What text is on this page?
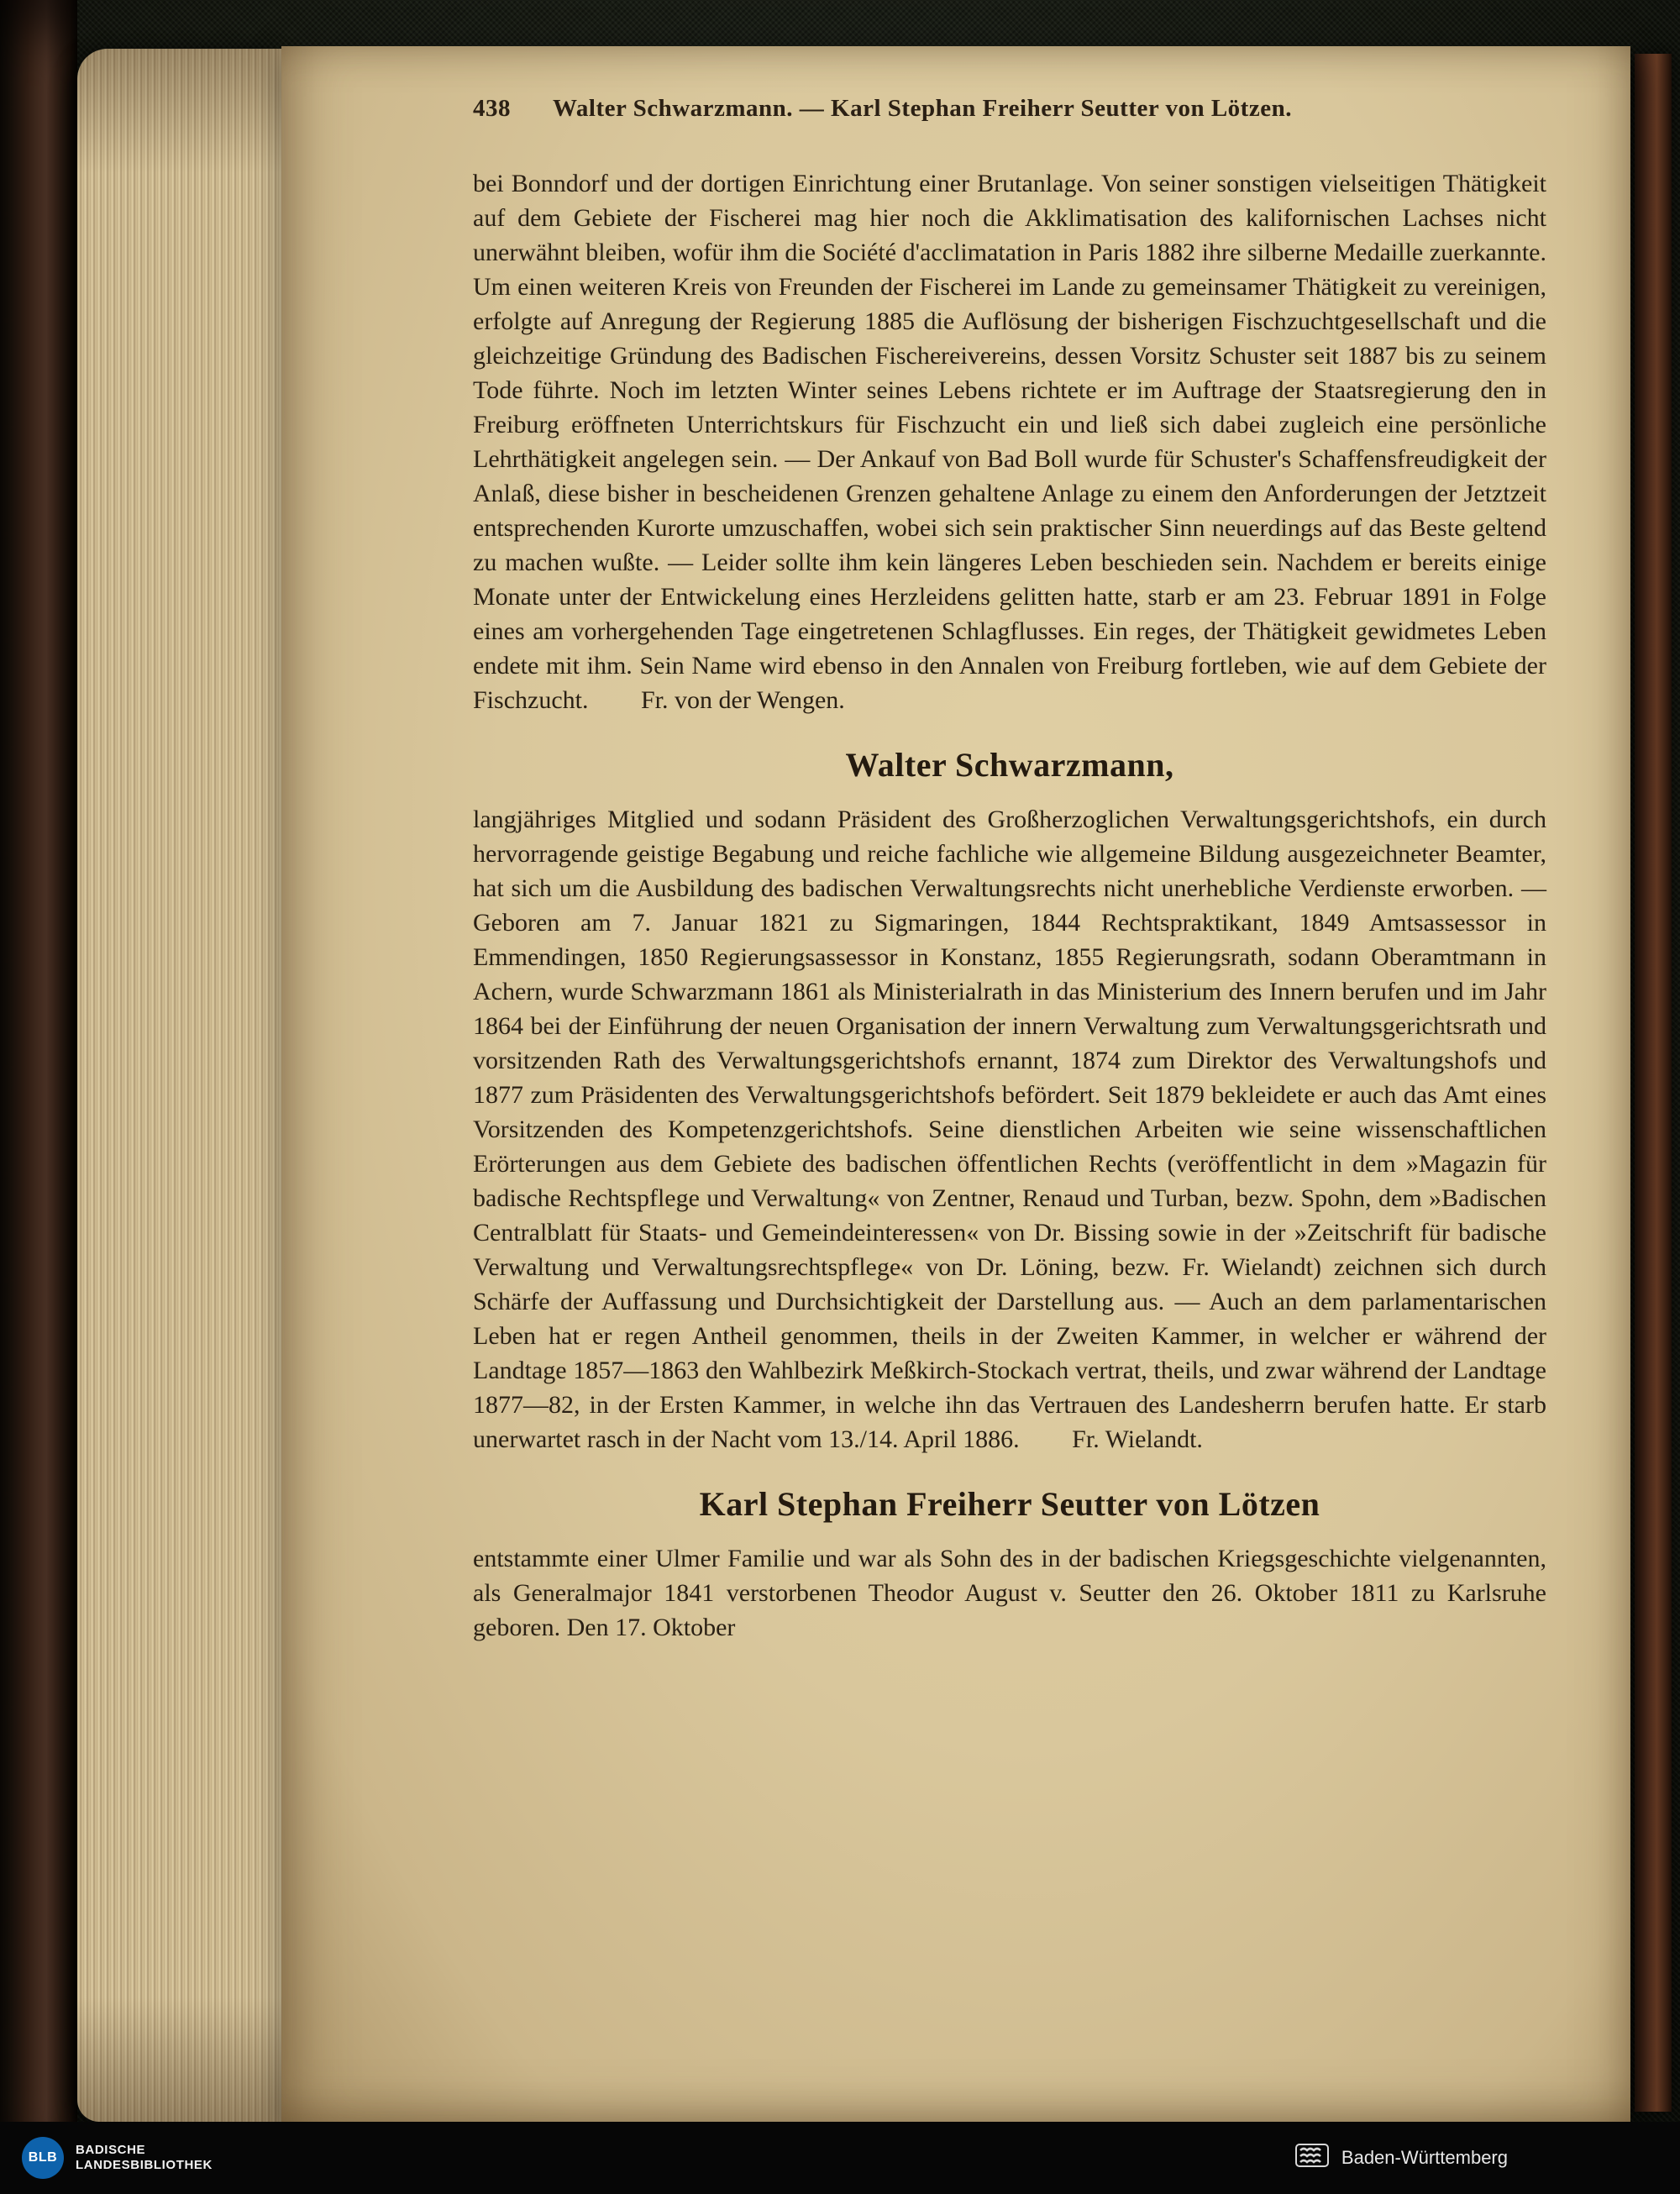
438 Walter Schwarzmann. — Karl Stephan Freiherr Seutter von Lötzen.

bei Bonndorf und der dortigen Einrichtung einer Brutanlage. Von seiner sonstigen vielseitigen Thätigkeit auf dem Gebiete der Fischerei mag hier noch die Akklimatisation des kalifornischen Lachses nicht unerwähnt bleiben, wofür ihm die Société d'acclimatation in Paris 1882 ihre silberne Medaille zuerkannte. Um einen weiteren Kreis von Freunden der Fischerei im Lande zu gemeinsamer Thätigkeit zu vereinigen, erfolgte auf Anregung der Regierung 1885 die Auflösung der bisherigen Fischzuchtgesellschaft und die gleichzeitige Gründung des Badischen Fischereivereins, dessen Vorsitz Schuster seit 1887 bis zu seinem Tode führte. Noch im letzten Winter seines Lebens richtete er im Auftrage der Staatsregierung den in Freiburg eröffneten Unterrichtskurs für Fischzucht ein und ließ sich dabei zugleich eine persönliche Lehrthätigkeit angelegen sein. — Der Ankauf von Bad Boll wurde für Schuster's Schaffensfreudigkeit der Anlaß, diese bisher in bescheidenen Grenzen gehaltene Anlage zu einem den Anforderungen der Jetztzeit entsprechenden Kurorte umzuschaffen, wobei sich sein praktischer Sinn neuerdings auf das Beste geltend zu machen wußte. — Leider sollte ihm kein längeres Leben beschieden sein. Nachdem er bereits einige Monate unter der Entwickelung eines Herzleidens gelitten hatte, starb er am 23. Februar 1891 in Folge eines am vorhergehenden Tage eingetretenen Schlagflusses. Ein reges, der Thätigkeit gewidmetes Leben endete mit ihm. Sein Name wird ebenso in den Annalen von Freiburg fortleben, wie auf dem Gebiete der Fischzucht. Fr. von der Wengen.

Walter Schwarzmann,

langjähriges Mitglied und sodann Präsident des Großherzoglichen Verwaltungsgerichtshofs, ein durch hervorragende geistige Begabung und reiche fachliche wie allgemeine Bildung ausgezeichneter Beamter, hat sich um die Ausbildung des badischen Verwaltungsrechts nicht unerhebliche Verdienste erworben. — Geboren am 7. Januar 1821 zu Sigmaringen, 1844 Rechtspraktikant, 1849 Amtsassessor in Emmendingen, 1850 Regierungsassessor in Konstanz, 1855 Regierungsrath, sodann Oberamtmann in Achern, wurde Schwarzmann 1861 als Ministerialrath in das Ministerium des Innern berufen und im Jahr 1864 bei der Einführung der neuen Organisation der innern Verwaltung zum Verwaltungsgerichtsrath und vorsitzenden Rath des Verwaltungsgerichtshofs ernannt, 1874 zum Direktor des Verwaltungshofs und 1877 zum Präsidenten des Verwaltungsgerichtshofs befördert. Seit 1879 bekleidete er auch das Amt eines Vorsitzenden des Kompetenzgerichtshofs. Seine dienstlichen Arbeiten wie seine wissenschaftlichen Erörterungen aus dem Gebiete des badischen öffentlichen Rechts (veröffentlicht in dem »Magazin für badische Rechtspflege und Verwaltung« von Zentner, Renaud und Turban, bezw. Spohn, dem »Badischen Centralblatt für Staats- und Gemeindeinteressen« von Dr. Bissing sowie in der »Zeitschrift für badische Verwaltung und Verwaltungsrechtspflege« von Dr. Löning, bezw. Fr. Wielandt) zeichnen sich durch Schärfe der Auffassung und Durchsichtigkeit der Darstellung aus. — Auch an dem parlamentarischen Leben hat er regen Antheil genommen, theils in der Zweiten Kammer, in welcher er während der Landtage 1857—1863 den Wahlbezirk Meßkirch-Stockach vertrat, theils, und zwar während der Landtage 1877—82, in der Ersten Kammer, in welche ihn das Vertrauen des Landesherrn berufen hatte. Er starb unerwartet rasch in der Nacht vom 13./14. April 1886. Fr. Wielandt.

Karl Stephan Freiherr Seutter von Lötzen

entstammte einer Ulmer Familie und war als Sohn des in der badischen Kriegsgeschichte vielgenannten, als Generalmajor 1841 verstorbenen Theodor August v. Seutter den 26. Oktober 1811 zu Karlsruhe geboren. Den 17. Oktober

BLB
BADISCHE
LANDESBIBLIOTHEK	Baden-Württemberg
